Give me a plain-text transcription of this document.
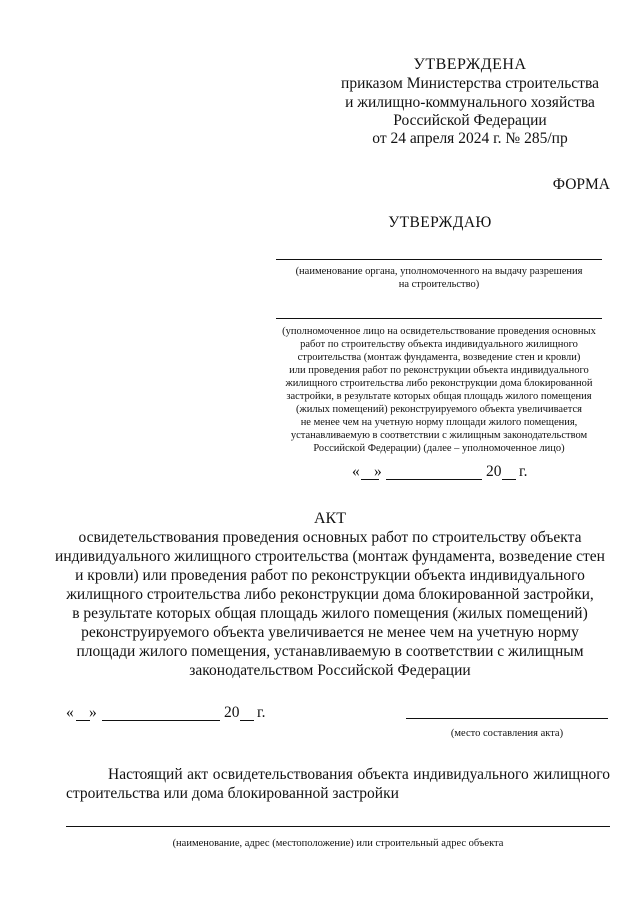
УТВЕРЖДЕНА
приказом Министерства строительства
и жилищно-коммунального хозяйства
Российской Федерации
от 24 апреля 2024 г. № 285/пр
ФОРМА
УТВЕРЖДАЮ
(наименование органа, уполномоченного на выдачу разрешения
на строительство)
(уполномоченное лицо на освидетельствование проведения основных
работ по строительству объекта индивидуального жилищного
строительства (монтаж фундамента, возведение стен и кровли)
или проведения работ по реконструкции объекта индивидуального
жилищного строительства либо реконструкции дома блокированной
застройки, в результате которых общая площадь жилого помещения
(жилых помещений) реконструируемого объекта увеличивается
не менее чем на учетную норму площади жилого помещения,
устанавливаемую в соответствии с жилищным законодательством
Российской Федерации) (далее – уполномоченное лицо)
« »	20 г.
АКТ
освидетельствования проведения основных работ по строительству объекта
индивидуального жилищного строительства (монтаж фундамента, возведение стен
и кровли) или проведения работ по реконструкции объекта индивидуального
жилищного строительства либо реконструкции дома блокированной застройки,
в результате которых общая площадь жилого помещения (жилых помещений)
реконструируемого объекта увеличивается не менее чем на учетную норму
площади жилого помещения, устанавливаемую в соответствии с жилищным
законодательством Российской Федерации
« »	20 г.
(место составления акта)
Настоящий акт освидетельствования объекта индивидуального жилищного
строительства или дома блокированной застройки
(наименование, адрес (местоположение) или строительный адрес объекта
